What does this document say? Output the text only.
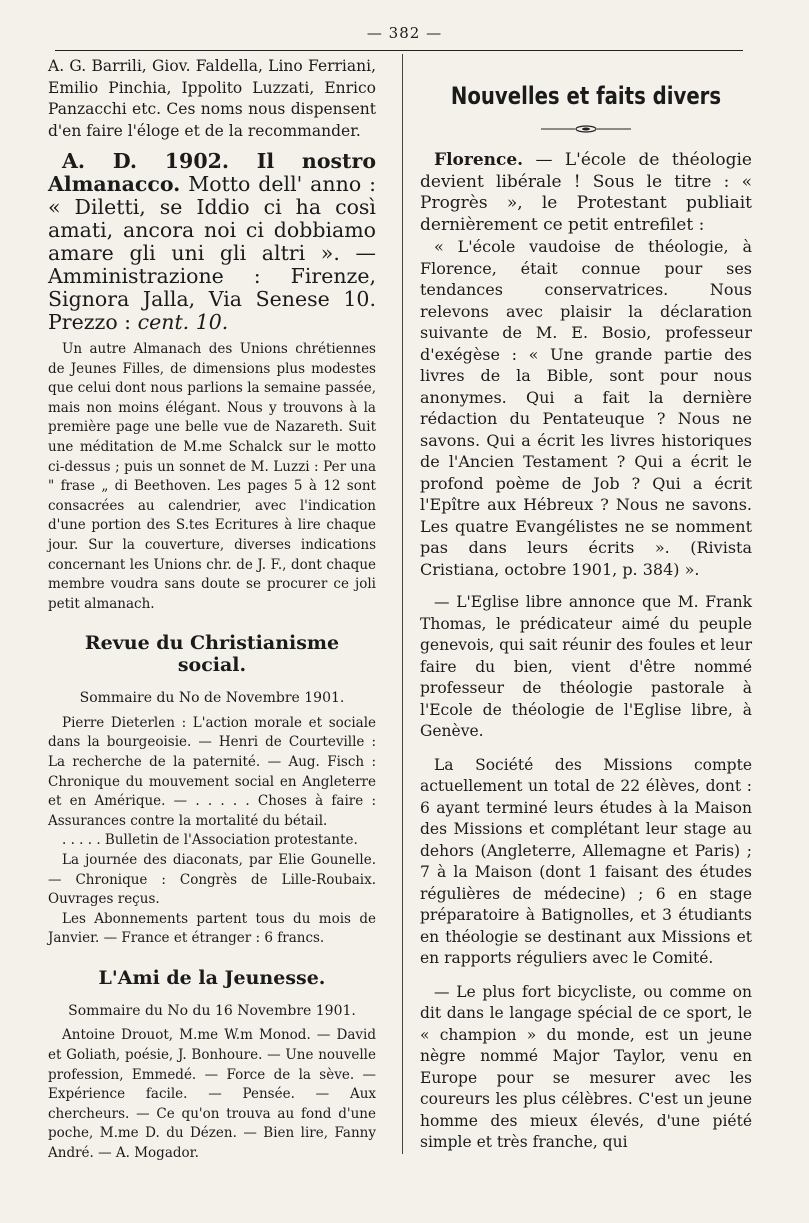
— 382 —

A. G. Barrili, Giov. Faldella, Lino Ferriani, Emilio Pinchia, Ippolito Luzzati, Enrico Panzacchi etc. Ces noms nous dispensent d'en faire l'éloge et de la recommander.

A. D. 1902. Il nostro Almanacco. Motto dell' anno : « Diletti, se Iddio ci ha così amati, ancora noi ci dobbiamo amare gli uni gli altri ». — Amministrazione : Firenze, Signora Jalla, Via Senese 10. Prezzo : cent. 10.

Un autre Almanach des Unions chrétiennes de Jeunes Filles, de dimensions plus modestes que celui dont nous parlions la semaine passée, mais non moins élégant. Nous y trouvons à la première page une belle vue de Nazareth. Suit une méditation de M.me Schalck sur le motto ci-dessus ; puis un sonnet de M. Luzzi : Per una " frase „ di Beethoven. Les pages 5 à 12 sont consacrées au calendrier, avec l'indication d'une portion des S.tes Ecritures à lire chaque jour. Sur la couverture, diverses indications concernant les Unions chr. de J. F., dont chaque membre voudra sans doute se procurer ce joli petit almanach.

Revue du Christianisme social.
Sommaire du No de Novembre 1901.

Pierre Dieterlen : L'action morale et sociale dans la bourgeoisie. — Henri de Courteville : La recherche de la paternité. — Aug. Fisch : Chronique du mouvement social en Angleterre et en Amérique. — . . . . . Choses à faire : Assurances contre la mortalité du bétail.

. . . . . Bulletin de l'Association protestante.

La journée des diaconats, par Elie Gounelle. — Chronique : Congrès de Lille-Roubaix. Ouvrages reçus.

Les Abonnements partent tous du mois de Janvier. — France et étranger : 6 francs.

L'Ami de la Jeunesse.
Sommaire du No du 16 Novembre 1901.

Antoine Drouot, M.me W.m Monod. — David et Goliath, poésie, J. Bonhoure. — Une nouvelle profession, Emmedé. — Force de la sève. — Expérience facile. — Pensée. — Aux chercheurs. — Ce qu'on trouva au fond d'une poche, M.me D. du Dézen. — Bien lire, Fanny André. — A. Mogador.

Nouvelles et faits divers

Florence. — L'école de théologie devient libérale ! Sous le titre : « Progrès », le Protestant publiait dernièrement ce petit entrefilet :

« L'école vaudoise de théologie, à Florence, était connue pour ses tendances conservatrices. Nous relevons avec plaisir la déclaration suivante de M. E. Bosio, professeur d'exégèse : « Une grande partie des livres de la Bible, sont pour nous anonymes. Qui a fait la dernière rédaction du Pentateuque ? Nous ne savons. Qui a écrit les livres historiques de l'Ancien Testament ? Qui a écrit le profond poème de Job ? Qui a écrit l'Epître aux Hébreux ? Nous ne savons. Les quatre Evangélistes ne se nomment pas dans leurs écrits ». (Rivista Cristiana, octobre 1901, p. 384) ».

— L'Eglise libre annonce que M. Frank Thomas, le prédicateur aimé du peuple genevois, qui sait réunir des foules et leur faire du bien, vient d'être nommé professeur de théologie pastorale à l'Ecole de théologie de l'Eglise libre, à Genève.

La Société des Missions compte actuellement un total de 22 élèves, dont : 6 ayant terminé leurs études à la Maison des Missions et complétant leur stage au dehors (Angleterre, Allemagne et Paris) ; 7 à la Maison (dont 1 faisant des études régulières de médecine) ; 6 en stage préparatoire à Batignolles, et 3 étudiants en théologie se destinant aux Missions et en rapports réguliers avec le Comité.

— Le plus fort bicycliste, ou comme on dit dans le langage spécial de ce sport, le « champion » du monde, est un jeune nègre nommé Major Taylor, venu en Europe pour se mesurer avec les coureurs les plus célèbres. C'est un jeune homme des mieux élevés, d'une piété simple et très franche, qui
